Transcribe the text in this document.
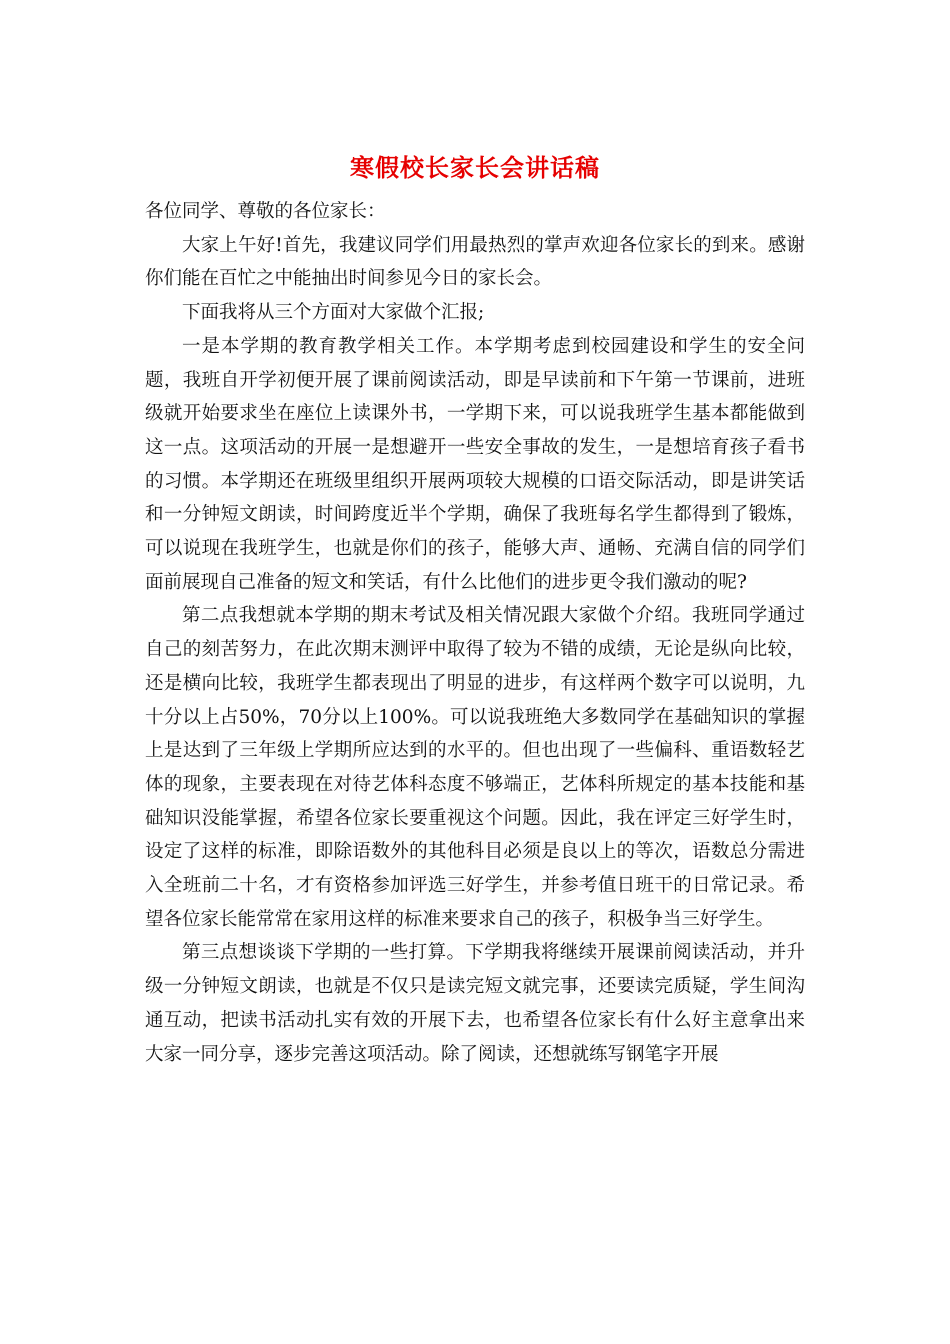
寒假校长家长会讲话稿

各位同学、尊敬的各位家长：

大家上午好!首先，我建议同学们用最热烈的掌声欢迎各位家长的到来。感谢你们能在百忙之中能抽出时间参见今日的家长会。

下面我将从三个方面对大家做个汇报;

一是本学期的教育教学相关工作。本学期考虑到校园建设和学生的安全问题，我班自开学初便开展了课前阅读活动，即是早读前和下午第一节课前，进班级就开始要求坐在座位上读课外书，一学期下来，可以说我班学生基本都能做到这一点。这项活动的开展一是想避开一些安全事故的发生，一是想培育孩子看书的习惯。本学期还在班级里组织开展两项较大规模的口语交际活动，即是讲笑话和一分钟短文朗读，时间跨度近半个学期，确保了我班每名学生都得到了锻炼，可以说现在我班学生，也就是你们的孩子，能够大声、通畅、充满自信的同学们面前展现自己准备的短文和笑话，有什么比他们的进步更令我们激动的呢?

第二点我想就本学期的期末考试及相关情况跟大家做个介绍。我班同学通过自己的刻苦努力，在此次期末测评中取得了较为不错的成绩，无论是纵向比较，还是横向比较，我班学生都表现出了明显的进步，有这样两个数字可以说明，九十分以上占50%，70分以上100%。可以说我班绝大多数同学在基础知识的掌握上是达到了三年级上学期所应达到的水平的。但也出现了一些偏科、重语数轻艺体的现象，主要表现在对待艺体科态度不够端正，艺体科所规定的基本技能和基础知识没能掌握，希望各位家长要重视这个问题。因此，我在评定三好学生时，设定了这样的标准，即除语数外的其他科目必须是良以上的等次，语数总分需进入全班前二十名，才有资格参加评选三好学生，并参考值日班干的日常记录。希望各位家长能常常在家用这样的标准来要求自己的孩子，积极争当三好学生。

第三点想谈谈下学期的一些打算。下学期我将继续开展课前阅读活动，并升级一分钟短文朗读，也就是不仅只是读完短文就完事，还要读完质疑，学生间沟通互动，把读书活动扎实有效的开展下去，也希望各位家长有什么好主意拿出来大家一同分享，逐步完善这项活动。除了阅读，还想就练写钢笔字开展
